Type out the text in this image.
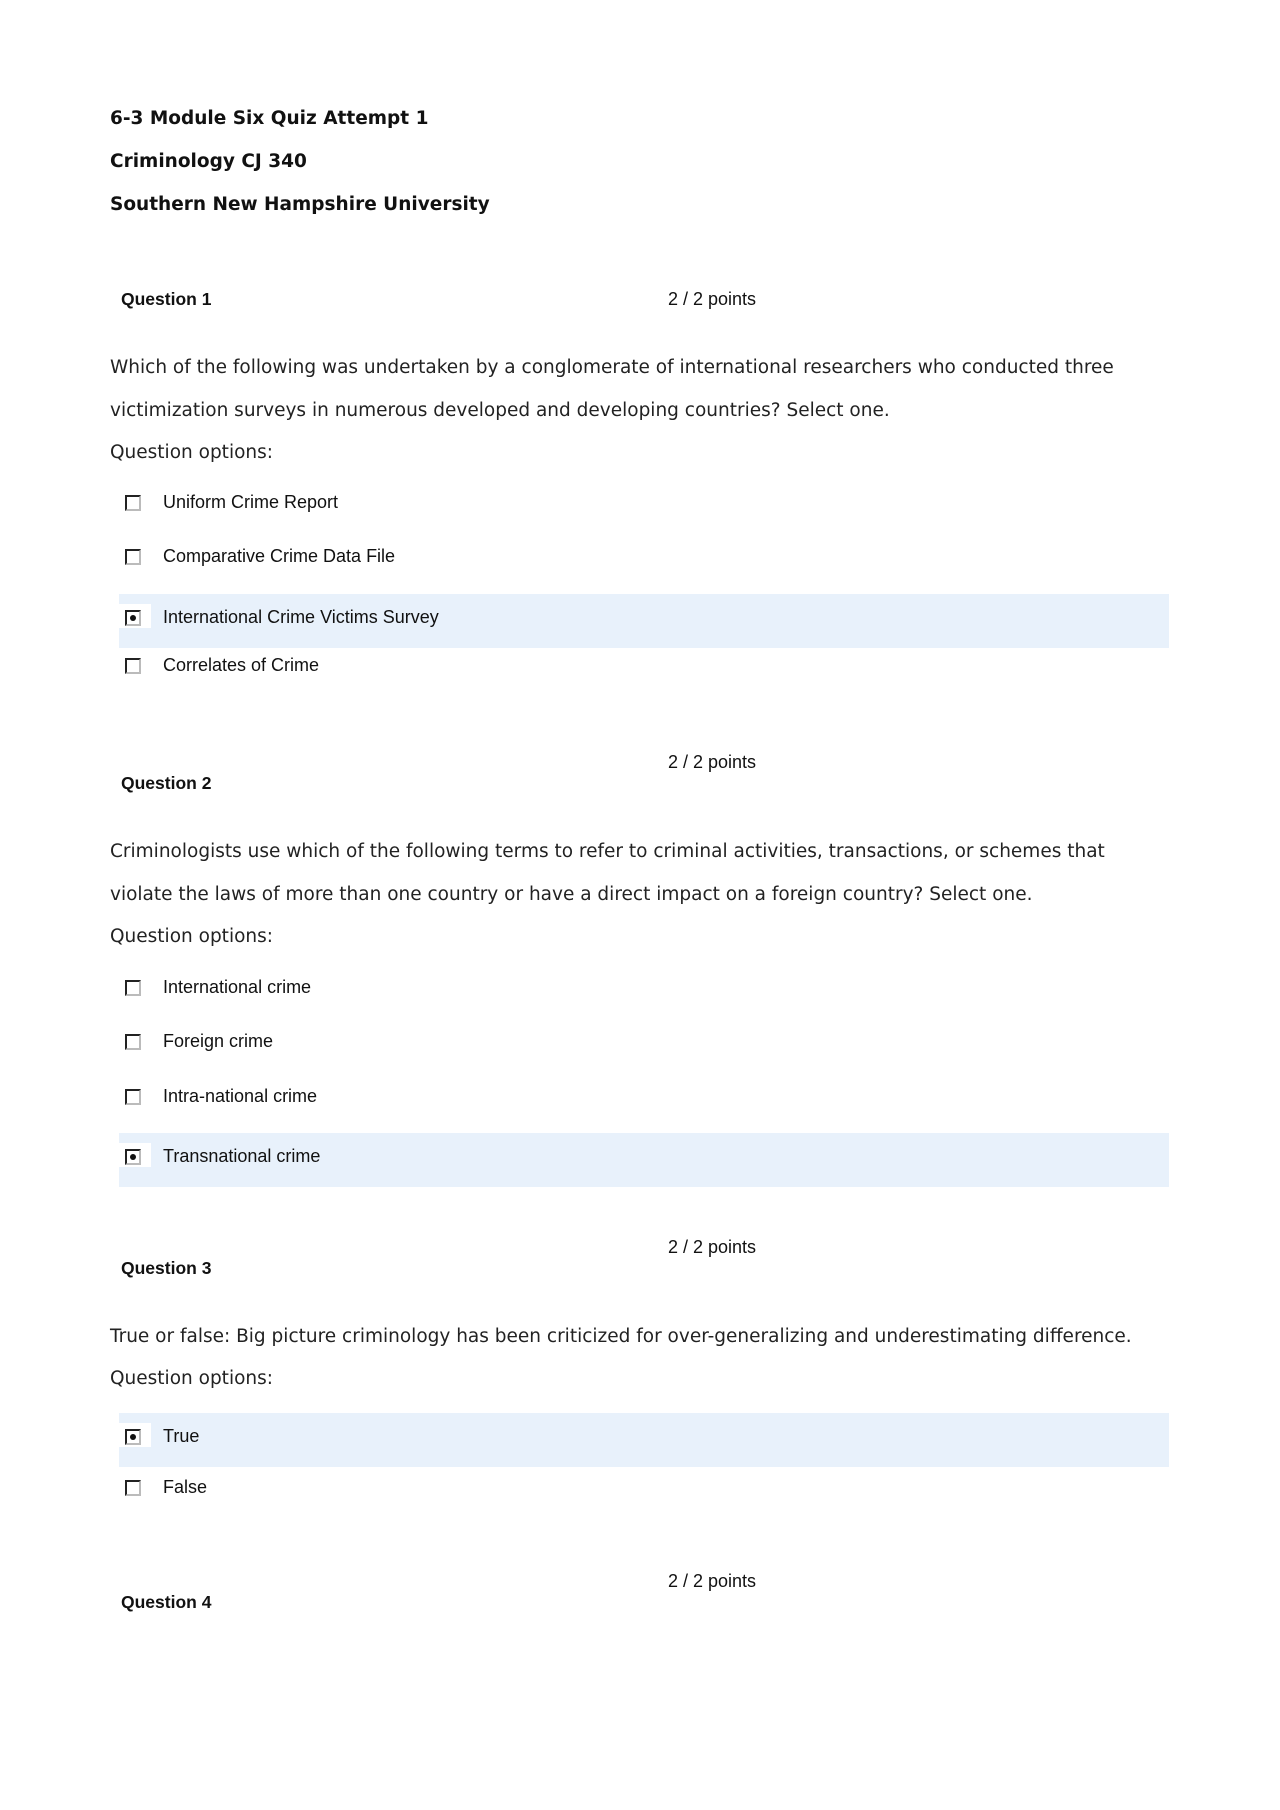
6-3 Module Six Quiz Attempt 1
Criminology CJ 340
Southern New Hampshire University
Question 1	2 / 2 points
Which of the following was undertaken by a conglomerate of international researchers who conducted three
victimization surveys in numerous developed and developing countries? Select one.
Question options:
Uniform Crime Report
Comparative Crime Data File
International Crime Victims Survey
Correlates of Crime
2 / 2 points
Question 2
Criminologists use which of the following terms to refer to criminal activities, transactions, or schemes that
violate the laws of more than one country or have a direct impact on a foreign country? Select one.
Question options:
International crime
Foreign crime
Intra-national crime
Transnational crime
2 / 2 points
Question 3
True or false: Big picture criminology has been criticized for over-generalizing and underestimating difference.
Question options:
True
False
2 / 2 points
Question 4
